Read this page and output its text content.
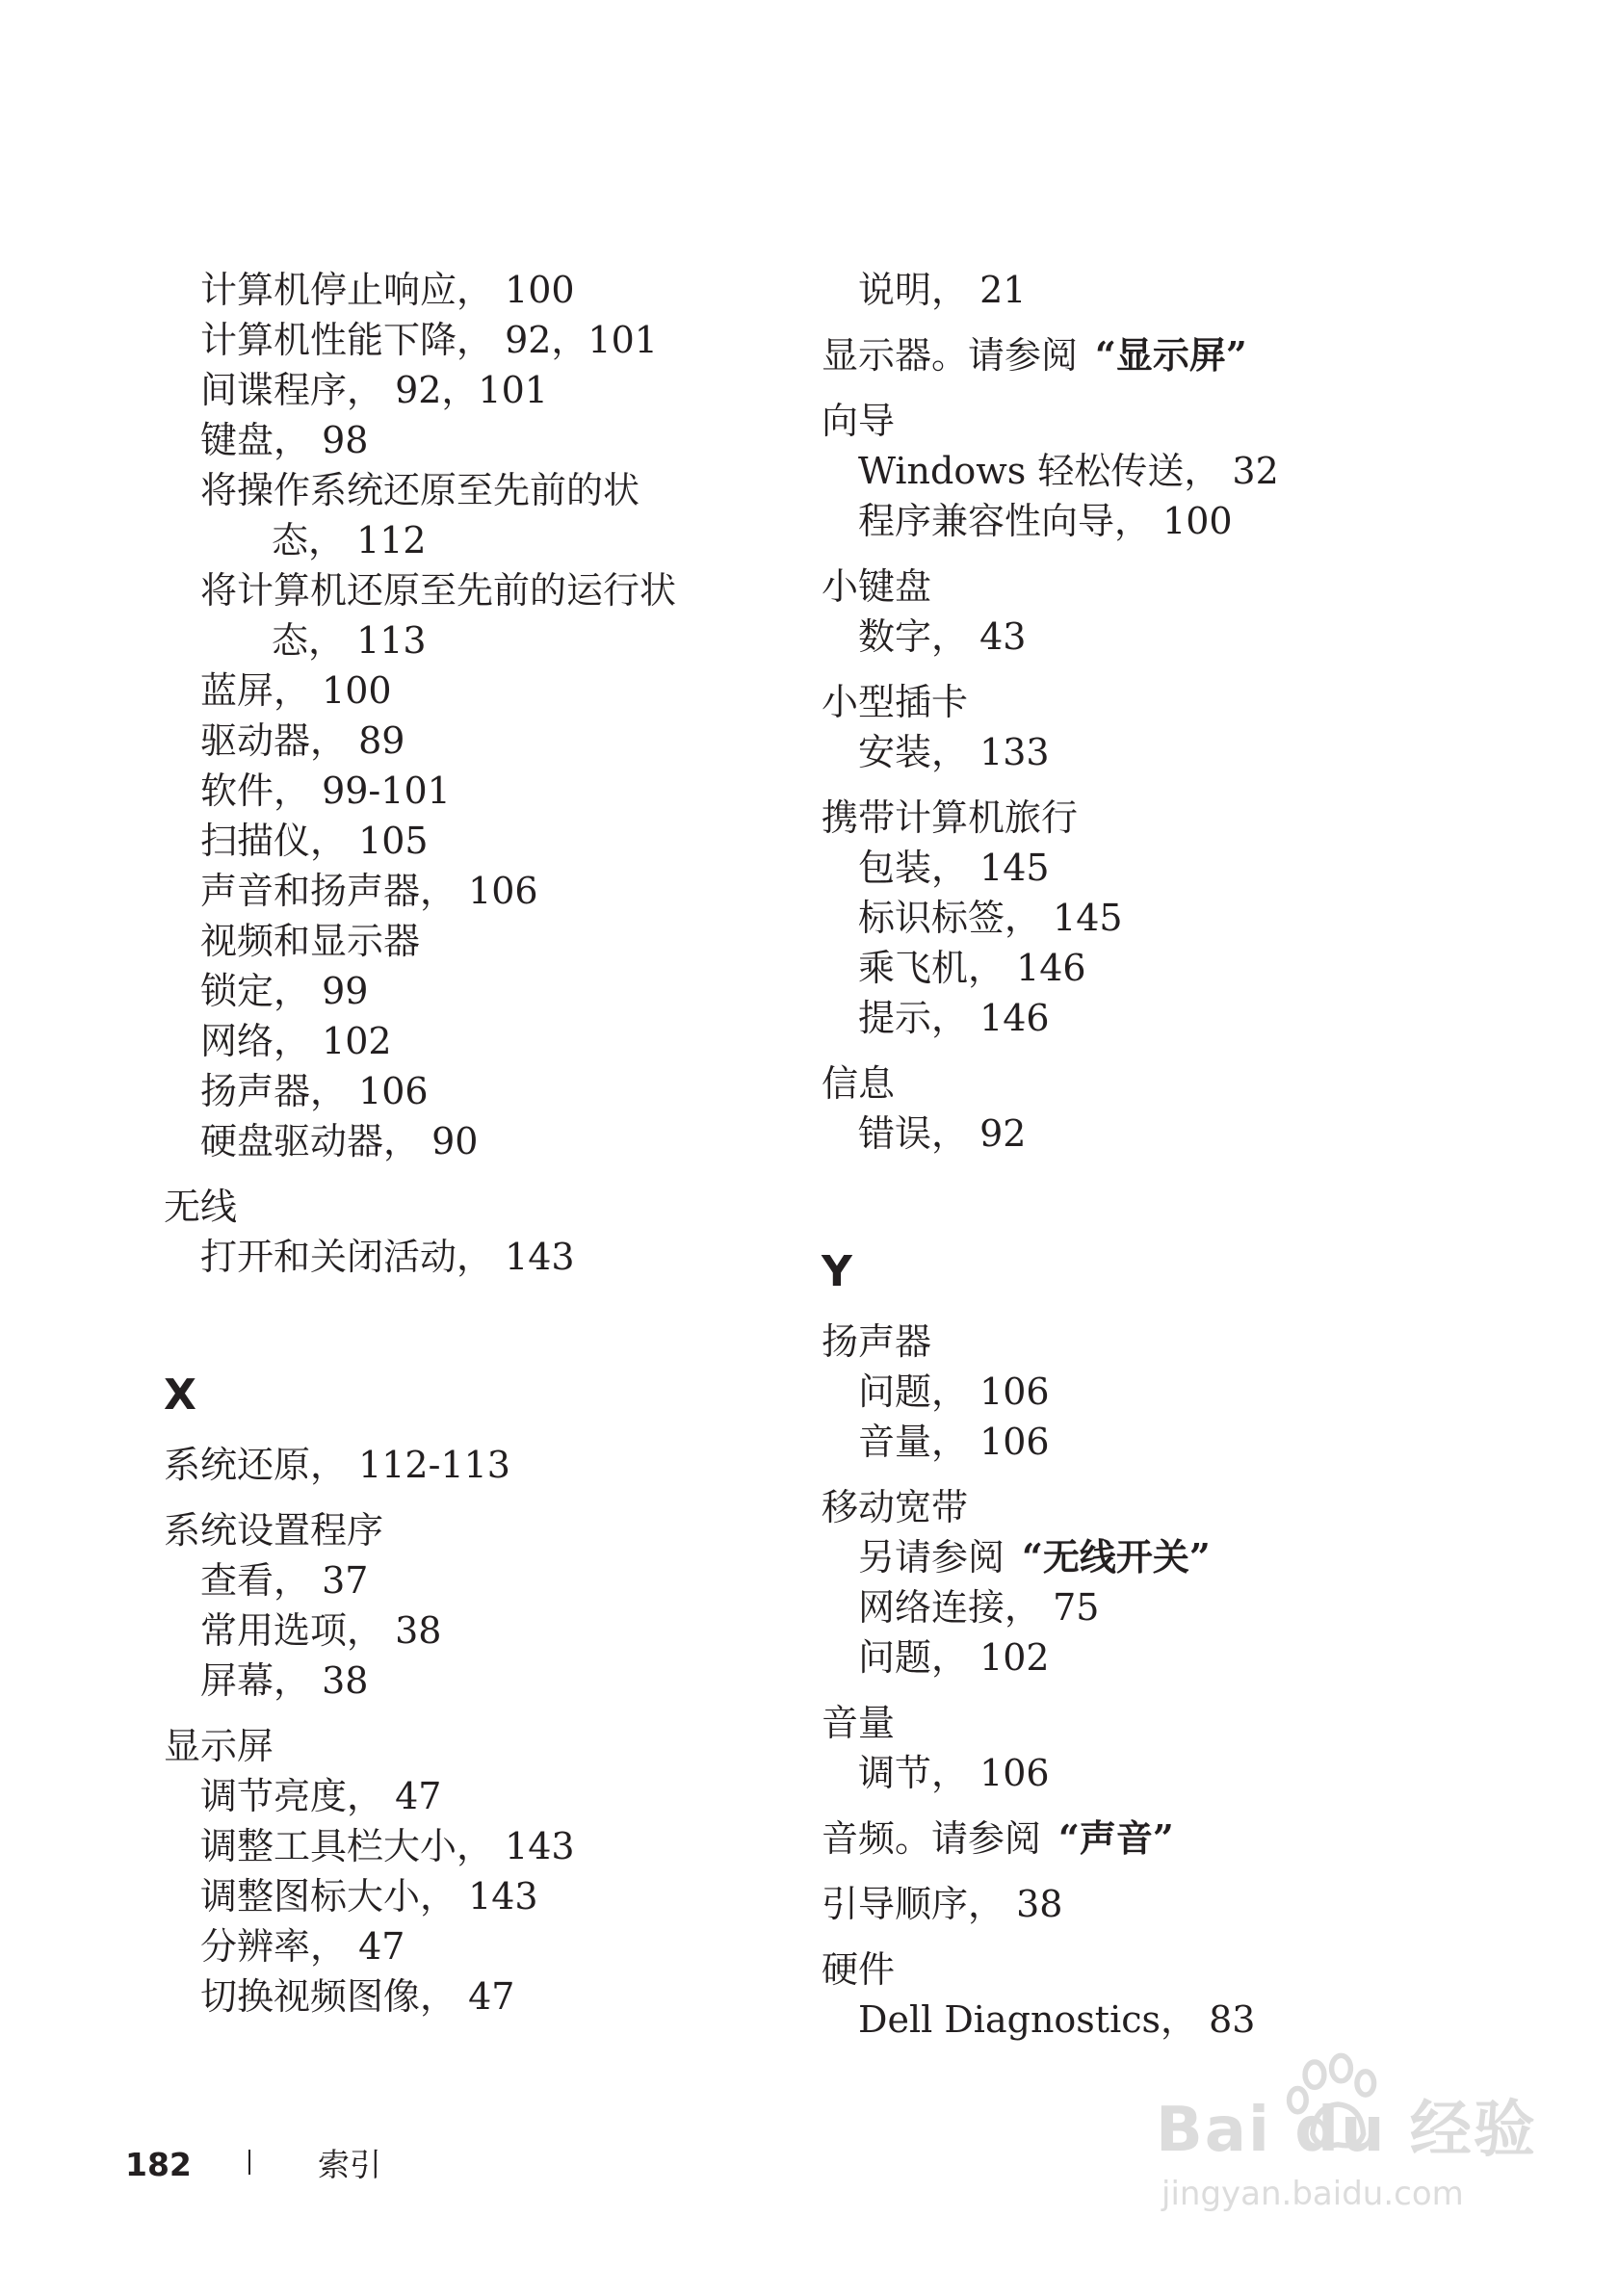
计算机停止响应， 100
计算机性能下降， 92，101
间谍程序， 92，101
键盘， 98
将操作系统还原至先前的状
态， 112
将计算机还原至先前的运行状
态， 113
蓝屏， 100
驱动器， 89
软件， 99-101
扫描仪， 105
声音和扬声器， 106
视频和显示器
锁定， 99
网络， 102
扬声器， 106
硬盘驱动器， 90
无线
打开和关闭活动， 143
X
系统还原， 112-113
系统设置程序
查看， 37
常用选项， 38
屏幕， 38
显示屏
调节亮度， 47
调整工具栏大小， 143
调整图标大小， 143
分辨率， 47
切换视频图像， 47
说明， 21
显示器。请参阅 “显示屏”
向导
Windows 轻松传送， 32
程序兼容性向导， 100
小键盘
数字， 43
小型插卡
安装， 133
携带计算机旅行
包装， 145
标识标签， 145
乘飞机， 146
提示， 146
信息
错误， 92
Y
扬声器
问题， 106
音量， 106
移动宽带
另请参阅 “无线开关”
网络连接， 75
问题， 102
音量
调节， 106
音频。请参阅 “声音”
引导顺序， 38
硬件
Dell Diagnostics， 83
182	索引	Bai du 经验
jingyan.baidu.com
